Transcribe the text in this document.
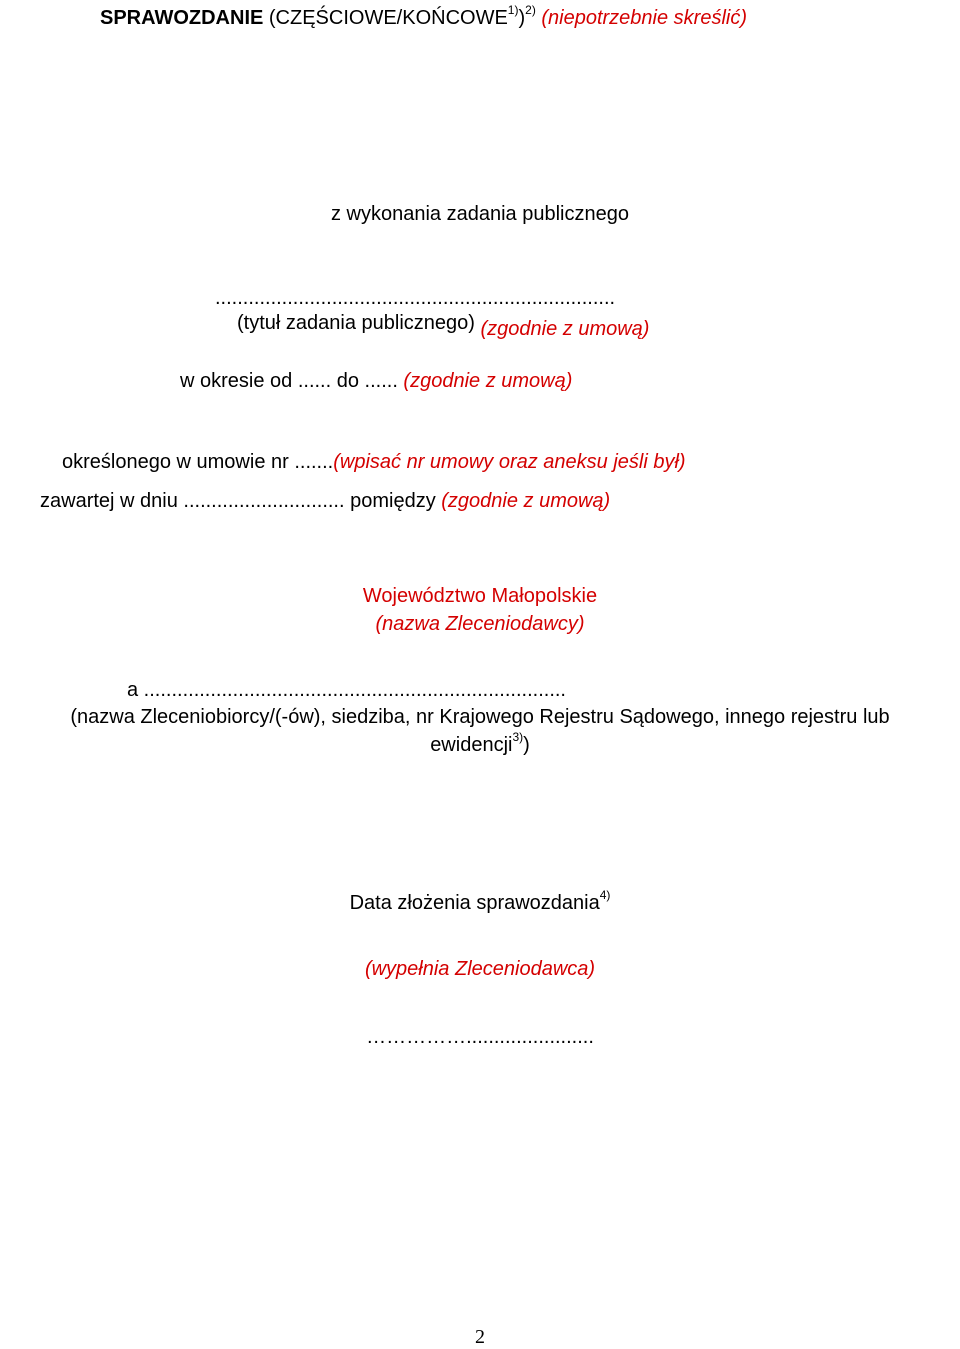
SPRAWOZDANIE (CZĘŚCIOWE/KOŃCOWE$^{1)}$)$^{2)}$ (niepotrzebnie skreślić)
z wykonania zadania publicznego
........................................................................
(tytuł zadania publicznego) (zgodnie z umową)
w okresie od ...... do ...... (zgodnie z umową)
określonego w umowie nr .......(wpisać nr umowy oraz aneksu jeśli był)
zawartej w dniu ............................. pomiędzy (zgodnie z umową)
Województwo Małopolskie
(nazwa Zleceniodawcy)
a ............................................................................
(nazwa Zleceniobiorcy/(-ów), siedziba, nr Krajowego Rejestru Sądowego, innego rejestru lub
ewidencji$^{3)}$)
Data złożenia sprawozdania$^{4)}$
(wypełnia Zleceniodawca)
…………….......................
2
